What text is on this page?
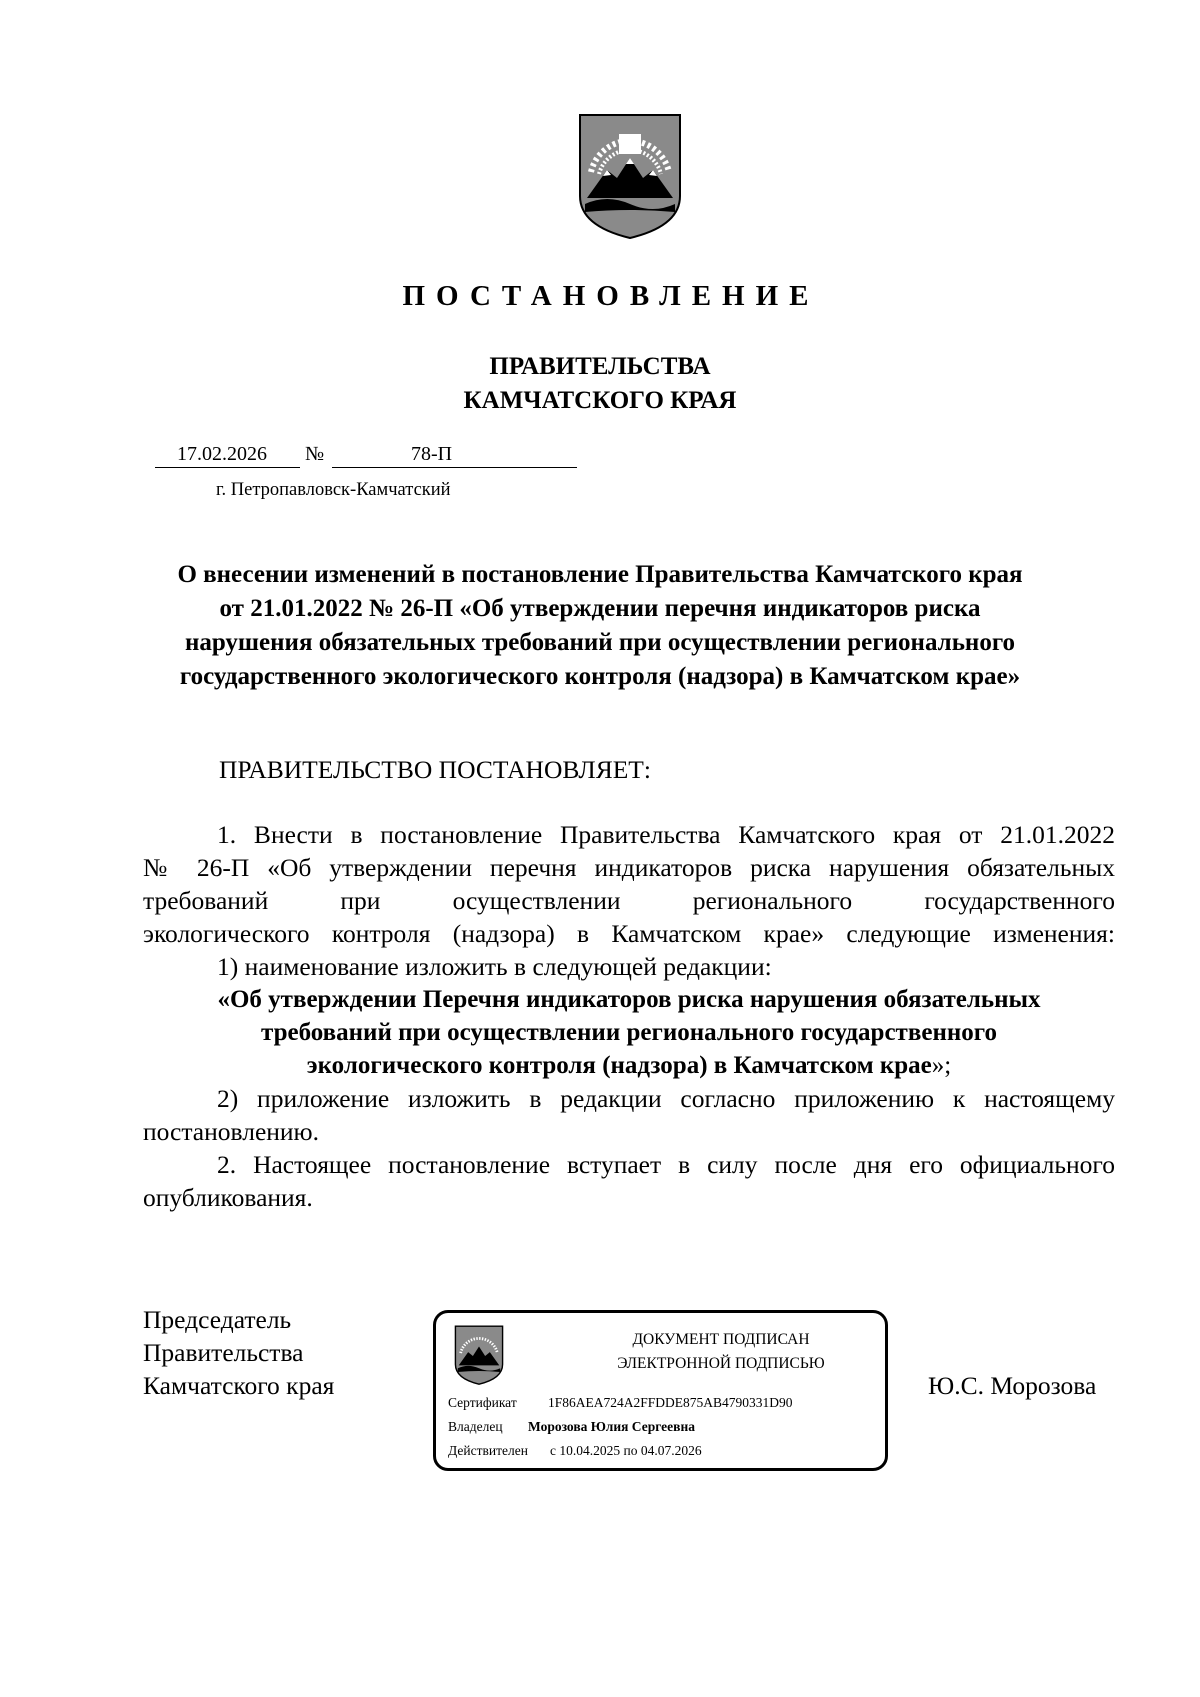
ПОСТАНОВЛЕНИЕ
ПРАВИТЕЛЬСТВА
КАМЧАТСКОГО КРАЯ
17.02.2026 №	78-П
г. Петропавловск-Камчатский
О внесении изменений в постановление Правительства Камчатского края
от 21.01.2022 № 26-П «Об утверждении перечня индикаторов риска
нарушения обязательных требований при осуществлении регионального
государственного экологического контроля (надзора) в Камчатском крае»
ПРАВИТЕЛЬСТВО ПОСТАНОВЛЯЕТ:
1. Внести в постановление Правительства Камчатского края от 21.01.2022
№ 26-П «Об утверждении перечня индикаторов риска нарушения обязательных
требований при осуществлении регионального государственного
экологического контроля (надзора) в Камчатском крае» следующие изменения:
1) наименование изложить в следующей редакции:
«Об утверждении Перечня индикаторов риска нарушения обязательных
требований при осуществлении регионального государственного
экологического контроля (надзора) в Камчатском крае»;
2) приложение изложить в редакции согласно приложению к настоящему
постановлению.
2. Настоящее постановление вступает в силу после дня его официального
опубликования.
Председатель
Правительства
Камчатского края
ДОКУМЕНТ ПОДПИСАН
ЭЛЕКТРОННОЙ ПОДПИСЬЮ
Сертификат 1F86AEA724A2FFDDE875AB4790331D90
Владелец Морозова Юлия Сергеевна
Действителен с 10.04.2025 по 04.07.2026
Ю.С. Морозова
